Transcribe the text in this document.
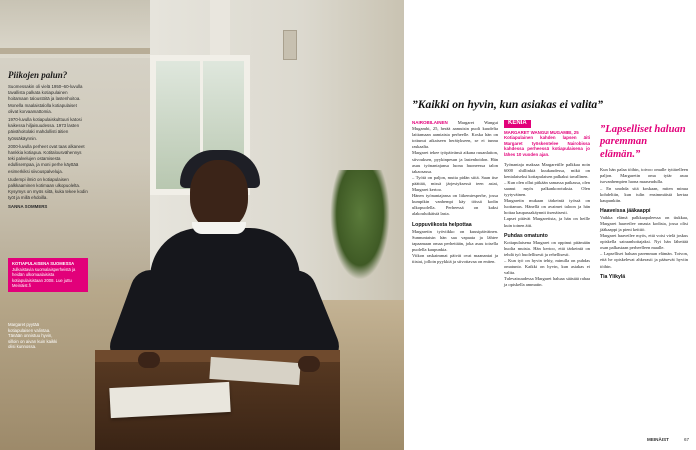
Piikojen palun?

Suomessakin oli vielä 1950–60-luvulla tavallista palkata kotiapulainen hoitamaan taloustöitä ja lastenhoitoa. Monella maalaistalolla kotiapulaiset olivat korvaamattomia.

1970-luvulla kotiapulaiskulttuuri katosi kaikessa hiljaisuudessa. 1973 lasten päivähoitolaki mahdollisti äitien työssäkäynnin.

2000-luvulla perheet ovat taas alkaneet hankkia kotiapua. Kotitalousvähennys teki palvelujen ostamisesta edullisempaa, ja moni perhe käyttää esimerkiksi siivouspalveluja.

Uudempi ilmiö on kotiapulaisen palkkaaminen kotimaan ulkopuolelta. Kysymys on myös siitä, kuka tekee kodin työt ja millä ehdoilla.

SANNA SOMMERS

KOTIAPULAISENA SUOMESSA
Julkaistavia suomalaisperheistä ja heidän ulkomaalaisista kotiapulaisistaan 2008. Lue juttu Meinäist.fi
Margaret pyytää kotiapulaisen valintaa. Tänään onnistuu hyvin, silloin on aivan kuin kaikki olisi kunnossa.
”Kaikki on hyvin, kun asiakas ei valita”

NAIROBILAINEN Margaret Wangui Mugambi, 25, herää aamuisin puoli kuudelta laittamaan aamiaista perheelle. Koska hän on tottunut aikaiseen herätykseen, se ei tunnu raskaalta.

Margaret tekee työpäivänsä aikana ruuanlaiton, siivouksen, pyykinpesun ja lastenhoidon. Hän asuu työnantajansa luona huoneessa talon takaosassa.

– Työtä on paljon, mutta pidän siitä. Saan itse päättää, missä järjestyksessä teen asiat, Margaret kertoo.

Hänen työnantajansa on liikemiesperhe, jossa kumpikin vanhempi käy töissä kodin ulkopuolella. Perheessä on kaksi alakouluikäistä lasta.

Loppuviikosta helpottaa

Margaretin työviikko on kuusipäiväinen. Sunnuntaisin hän saa vapaata ja lähtee tapaamaan omaa perhettään, joka asuu toisella puolella kaupunkia.

Viikon raskaimmat päivät ovat maanantai ja tiistai, jolloin pyykkiä ja siivottavaa on eniten.

KENIA
MARGARET WANGUI MUGAMBI, 25
Kotiapulainen kahden lapsen äiti Margaret työskentelee Nairobissa kahdessa perheessä kotiapulaisena jo lähes 10 vuoden ajan.

Työnantaja maksaa Margaretille palkkaa noin 6000 shillinkiä kuukaudessa, mikä on kenialaiseksi kotiapulaisen palkaksi tavallinen.

– Kun olen ollut pitkään samassa paikassa, olen saanut myös palkankorotuksia. Olen tyytyväinen.

Margaretin mukaan tärkeintä työssä on luottamus. Hänellä on avaimet taloon ja hän hoitaa kaupassakäynnit itsenäisesti.

Lapset pitävät Margaretista, ja hän on heille kuin toinen äiti.

Puhdas omatunto

Kotiapulaisena Margaret on oppinut pitämään huolta muista. Hän kertoo, että tärkeintä on tehdä työ huolellisesti ja rehellisesti.

– Kun työ on hyvin tehty, minulla on puhdas omatunto. Kaikki on hyvin, kun asiakas ei valita.

Tulevaisuudessa Margaret haluaa säästää rahaa ja opiskella ammatin.

”Lapselliset haluan paremman elämän.”

Kun hän palaa töihin, toivoo omalle tyttärelleen paljon. Margaretin oma tytär asuu isovanhempien luona maaseudulla.

– En unohda sitä koskaan, miten minua kohdeltiin, kun tulin ensimmäistä kertaa kaupunkiin.

Haaveissa jääkaappi

Vaikka elämä palkkaapaleessa on tiukkaa, Margaret haaveilee omasta kodista, jossa olisi jääkaappi ja pieni keittiö.

Margaret haaveilee myös, että voisi vielä joskus opiskella sairaanhoitajaksi. Nyt hän lähettää osan palkastaan perheelleen maalle.

– Lapselliset haluan paremman elämän. Toivon, että he opiskelevat ahkerasti ja pääsevät hyviin töihin.

Tia Ylikylä

MEINÄIST	67
